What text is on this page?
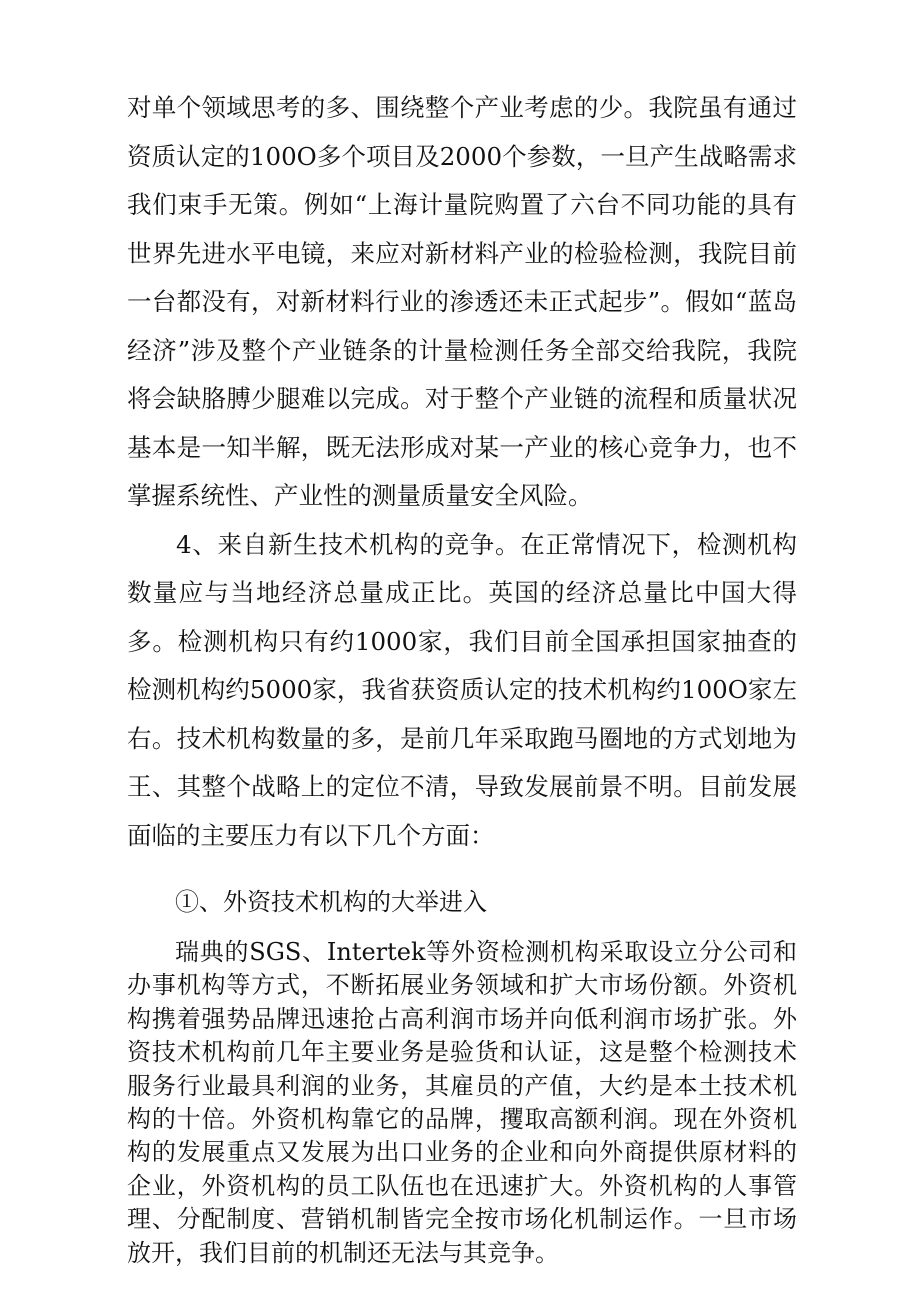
对单个领域思考的多、围绕整个产业考虑的少。我院虽有通过资质认定的100O多个项目及2000个参数，一旦产生战略需求我们束手无策。例如“上海计量院购置了六台不同功能的具有世界先进水平电镜，来应对新材料产业的检验检测，我院目前一台都没有，对新材料行业的渗透还未正式起步”。假如“蓝岛经济”涉及整个产业链条的计量检测任务全部交给我院，我院将会缺胳膊少腿难以完成。对于整个产业链的流程和质量状况基本是一知半解，既无法形成对某一产业的核心竞争力，也不掌握系统性、产业性的测量质量安全风险。

4、来自新生技术机构的竞争。在正常情况下，检测机构数量应与当地经济总量成正比。英国的经济总量比中国大得多。检测机构只有约1000家，我们目前全国承担国家抽查的检测机构约5000家，我省获资质认定的技术机构约100O家左右。技术机构数量的多，是前几年采取跑马圈地的方式划地为王、其整个战略上的定位不清，导致发展前景不明。目前发展面临的主要压力有以下几个方面：

①、外资技术机构的大举进入

瑞典的SGS、Intertek等外资检测机构采取设立分公司和办事机构等方式，不断拓展业务领域和扩大市场份额。外资机构携着强势品牌迅速抢占高利润市场并向低利润市场扩张。外资技术机构前几年主要业务是验货和认证，这是整个检测技术服务行业最具利润的业务，其雇员的产值，大约是本土技术机构的十倍。外资机构靠它的品牌，攫取高额利润。现在外资机构的发展重点又发展为出口业务的企业和向外商提供原材料的企业，外资机构的员工队伍也在迅速扩大。外资机构的人事管理、分配制度、营销机制皆完全按市场化机制运作。一旦市场放开，我们目前的机制还无法与其竞争。
